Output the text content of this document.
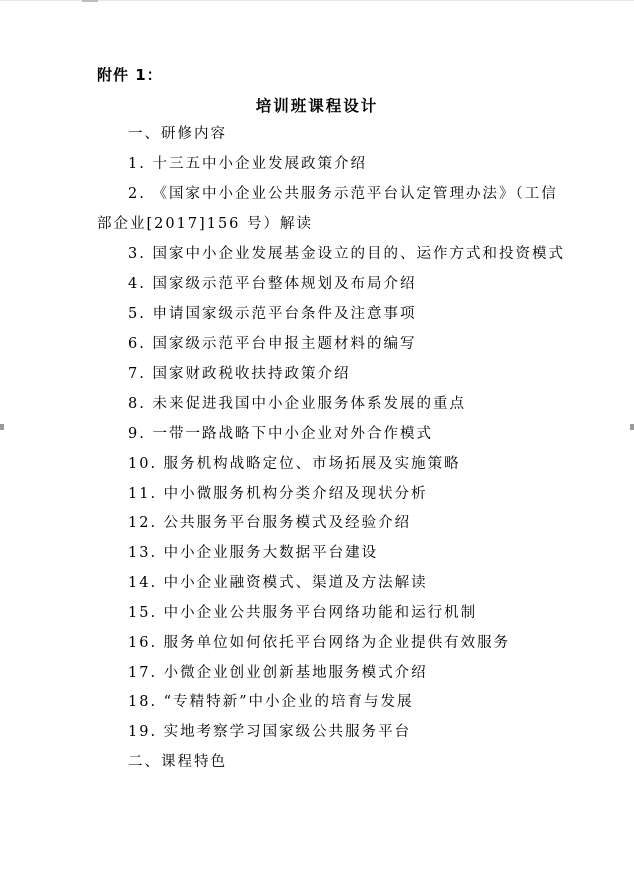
附件 1：
培训班课程设计
一、研修内容
1. 十三五中小企业发展政策介绍
2. 《国家中小企业公共服务示范平台认定管理办法》（工信
部企业[2017]156 号）解读
3. 国家中小企业发展基金设立的目的、运作方式和投资模式
4. 国家级示范平台整体规划及布局介绍
5. 申请国家级示范平台条件及注意事项
6. 国家级示范平台申报主题材料的编写
7. 国家财政税收扶持政策介绍
8. 未来促进我国中小企业服务体系发展的重点
9. 一带一路战略下中小企业对外合作模式
10. 服务机构战略定位、市场拓展及实施策略
11. 中小微服务机构分类介绍及现状分析
12. 公共服务平台服务模式及经验介绍
13. 中小企业服务大数据平台建设
14. 中小企业融资模式、渠道及方法解读
15. 中小企业公共服务平台网络功能和运行机制
16. 服务单位如何依托平台网络为企业提供有效服务
17. 小微企业创业创新基地服务模式介绍
18. “专精特新”中小企业的培育与发展
19. 实地考察学习国家级公共服务平台
二、课程特色
